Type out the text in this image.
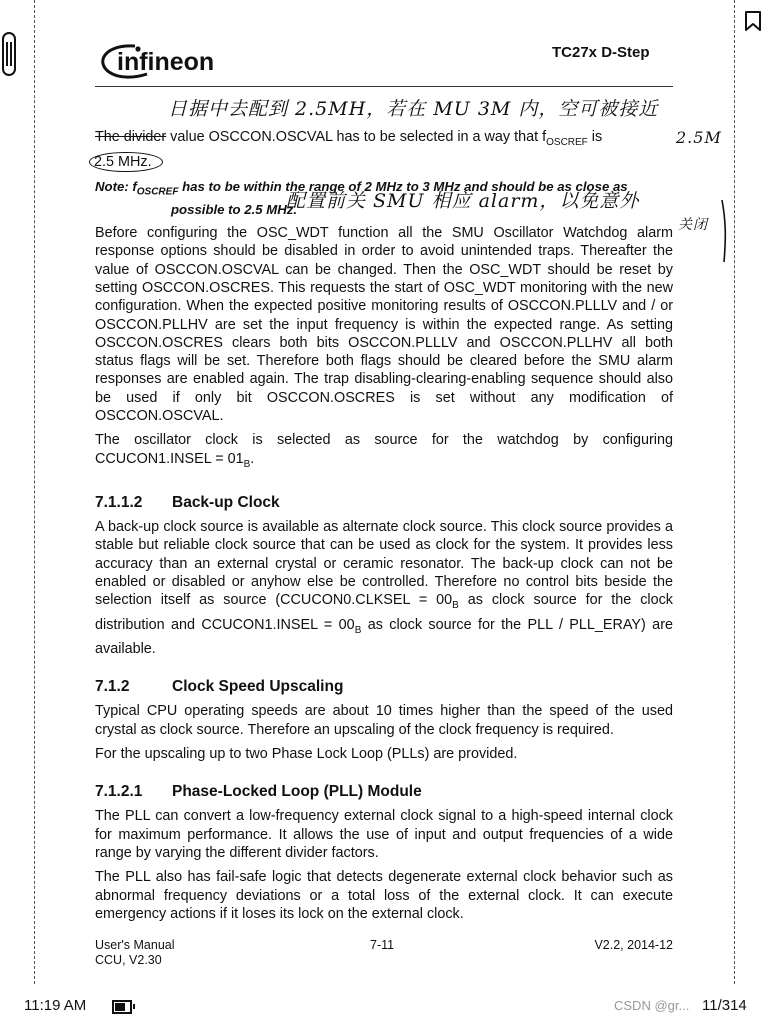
infineon	TC27x D-Step
日据中去配到 2.5MH，若在 MU 3M 内，空可被接近
2.5M
配置前关 SMU 相应 alarm，以免意外
关闭

The divider value OSCCON.OSCVAL has to be selected in a way that $f_{OSCREF}$ is
2.5 MHz.

Note: $f_{OSCREF}$ has to be within the range of 2 MHz to 3 MHz and should be as close as
possible to 2.5 MHz.

Before configuring the OSC_WDT function all the SMU Oscillator Watchdog alarm response options should be disabled in order to avoid unintended traps. Thereafter the value of OSCCON.OSCVAL can be changed. Then the OSC_WDT should be reset by setting OSCCON.OSCRES. This requests the start of OSC_WDT monitoring with the new configuration. When the expected positive monitoring results of OSCCON.PLLLV and / or OSCCON.PLLHV are set the input frequency is within the expected range. As setting OSCCON.OSCRES clears both bits OSCCON.PLLLV and OSCCON.PLLHV all both status flags will be set. Therefore both flags should be cleared before the SMU alarm responses are enabled again. The trap disabling-clearing-enabling sequence should also be used if only bit OSCCON.OSCRES is set without any modification of OSCCON.OSCVAL.

The oscillator clock is selected as source for the watchdog by configuring CCUCON1.INSEL = $01_B$.

7.1.1.2 Back-up Clock

A back-up clock source is available as alternate clock source. This clock source provides a stable but reliable clock source that can be used as clock for the system. It provides less accuracy than an external crystal or ceramic resonator. The back-up clock can not be enabled or disabled or anyhow else be controlled. Therefore no control bits beside the selection itself as source (CCUCON0.CLKSEL = $00_B$ as clock source for the clock distribution and CCUCON1.INSEL = $00_B$ as clock source for the PLL / PLL_ERAY) are available.

7.1.2	Clock Speed Upscaling

Typical CPU operating speeds are about 10 times higher than the speed of the used crystal as clock source. Therefore an upscaling of the clock frequency is required.

For the upscaling up to two Phase Lock Loop (PLLs) are provided.

7.1.2.1 Phase-Locked Loop (PLL) Module

The PLL can convert a low-frequency external clock signal to a high-speed internal clock for maximum performance. It allows the use of input and output frequencies of a wide range by varying the different divider factors.

The PLL also has fail-safe logic that detects degenerate external clock behavior such as abnormal frequency deviations or a total loss of the external clock. It can execute emergency actions if it loses its lock on the external clock.

User's Manual
CCU, V2.30
7-11	V2.2, 2014-12
11:19 AM	CSDN @gr... 11/314
